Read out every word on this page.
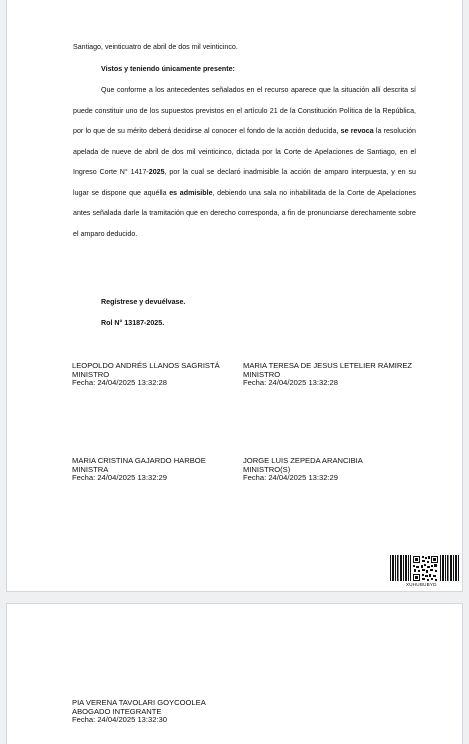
Santiago, veinticuatro de abril de dos mil veinticinco.

Vistos y teniendo únicamente presente:

Que conforme a los antecedentes señalados en el recurso aparece que la situación allí descrita sí puede constituir uno de los supuestos previstos en el artículo 21 de la Constitución Política de la República, por lo que de su mérito deberá decidirse al conocer el fondo de la acción deducida, se revoca la resolución apelada de nueve de abril de dos mil veinticinco, dictada por la Corte de Apelaciones de Santiago, en el Ingreso Corte N° 1417-2025, por la cual se declaró inadmisible la acción de amparo interpuesta, y en su lugar se dispone que aquélla es admisible, debiendo una sala no inhabilitada de la Corte de Apelaciones antes señalada darle la tramitación que en derecho corresponda, a fin de pronunciarse derechamente sobre el amparo deducido.

Regístrese y devuélvase.

Rol N° 13187-2025.

LEOPOLDO ANDRÉS LLANOS SAGRISTÁ
MINISTRO
Fecha: 24/04/2025 13:32:28
MARIA TERESA DE JESUS LETELIER RAMIREZ
MINISTRO
Fecha: 24/04/2025 13:32:28
MARIA CRISTINA GAJARDO HARBOE
MINISTRA
Fecha: 24/04/2025 13:32:29
JORGE LUIS ZEPEDA ARANCIBIA
MINISTRO(S)
Fecha: 24/04/2025 13:32:29
XUHUBUBYD
PIA VERENA TAVOLARI GOYCOOLEA
ABOGADO INTEGRANTE
Fecha: 24/04/2025 13:32:30
